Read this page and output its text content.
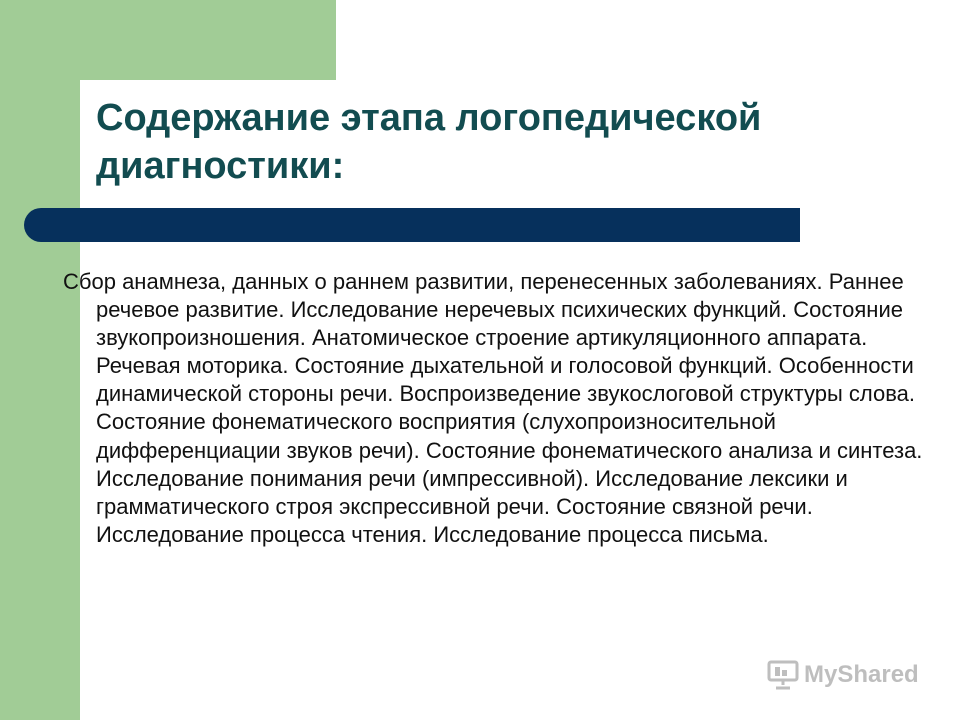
Содержание этапа логопедической
диагностики:

Сбор анамнеза, данных о раннем развитии, перенесенных заболеваниях. Раннее речевое развитие. Исследование неречевых психических функций. Состояние звукопроизношения. Анатомическое строение артикуляционного аппарата. Речевая моторика. Состояние дыхательной и голосовой функций. Особенности динамической стороны речи. Воспроизведение звукослоговой структуры слова. Состояние фонематического восприятия (слухопроизносительной дифференциации звуков речи). Состояние фонематического анализа и синтеза. Исследование понимания речи (импрессивной). Исследование лексики и грамматического строя экспрессивной речи. Состояние связной речи. Исследование процесса чтения. Исследование процесса письма.

MyShared
